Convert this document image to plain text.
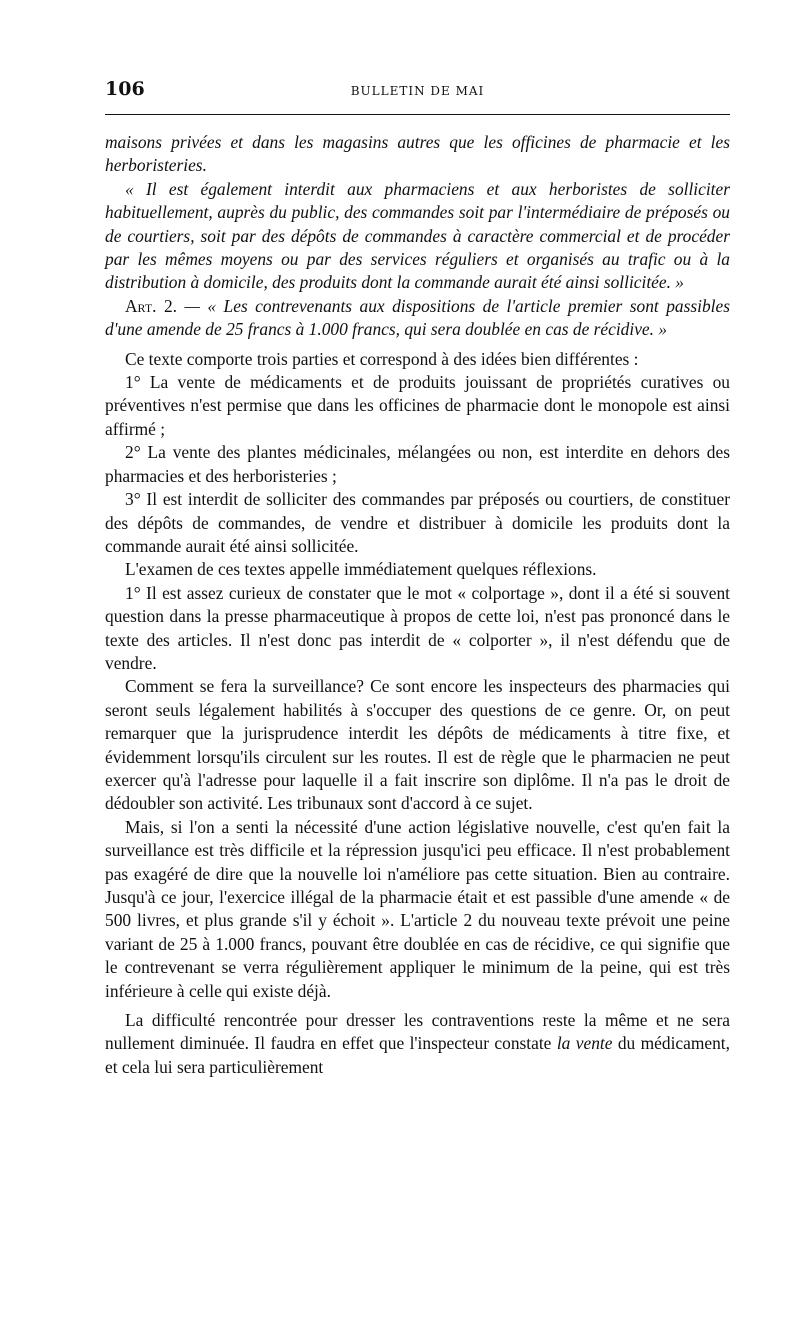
106	BULLETIN DE MAI

maisons privées et dans les magasins autres que les officines de pharmacie et les herboristeries.

« Il est également interdit aux pharmaciens et aux herboristes de solliciter habituellement, auprès du public, des commandes soit par l'intermédiaire de préposés ou de courtiers, soit par des dépôts de commandes à caractère commercial et de procéder par les mêmes moyens ou par des services réguliers et organisés au trafic ou à la distribution à domicile, des produits dont la commande aurait été ainsi sollicitée. »

Art. 2. — « Les contrevenants aux dispositions de l'article premier sont passibles d'une amende de 25 francs à 1.000 francs, qui sera doublée en cas de récidive. »

Ce texte comporte trois parties et correspond à des idées bien différentes :

1° La vente de médicaments et de produits jouissant de propriétés curatives ou préventives n'est permise que dans les officines de pharmacie dont le monopole est ainsi affirmé ;

2° La vente des plantes médicinales, mélangées ou non, est interdite en dehors des pharmacies et des herboristeries ;

3° Il est interdit de solliciter des commandes par préposés ou courtiers, de constituer des dépôts de commandes, de vendre et distribuer à domicile les produits dont la commande aurait été ainsi sollicitée.

L'examen de ces textes appelle immédiatement quelques réflexions.

1° Il est assez curieux de constater que le mot « colportage », dont il a été si souvent question dans la presse pharmaceutique à propos de cette loi, n'est pas prononcé dans le texte des articles. Il n'est donc pas interdit de « colporter », il n'est défendu que de vendre.

Comment se fera la surveillance? Ce sont encore les inspecteurs des pharmacies qui seront seuls légalement habilités à s'occuper des questions de ce genre. Or, on peut remarquer que la jurisprudence interdit les dépôts de médicaments à titre fixe, et évidemment lorsqu'ils circulent sur les routes. Il est de règle que le pharmacien ne peut exercer qu'à l'adresse pour laquelle il a fait inscrire son diplôme. Il n'a pas le droit de dédoubler son activité. Les tribunaux sont d'accord à ce sujet.

Mais, si l'on a senti la nécessité d'une action législative nouvelle, c'est qu'en fait la surveillance est très difficile et la répression jusqu'ici peu efficace. Il n'est probablement pas exagéré de dire que la nouvelle loi n'améliore pas cette situation. Bien au contraire. Jusqu'à ce jour, l'exercice illégal de la pharmacie était et est passible d'une amende « de 500 livres, et plus grande s'il y échoit ». L'article 2 du nouveau texte prévoit une peine variant de 25 à 1.000 francs, pouvant être doublée en cas de récidive, ce qui signifie que le contrevenant se verra régulièrement appliquer le minimum de la peine, qui est très inférieure à celle qui existe déjà.

La difficulté rencontrée pour dresser les contraventions reste la même et ne sera nullement diminuée. Il faudra en effet que l'inspecteur constate la vente du médicament, et cela lui sera particulièrement
